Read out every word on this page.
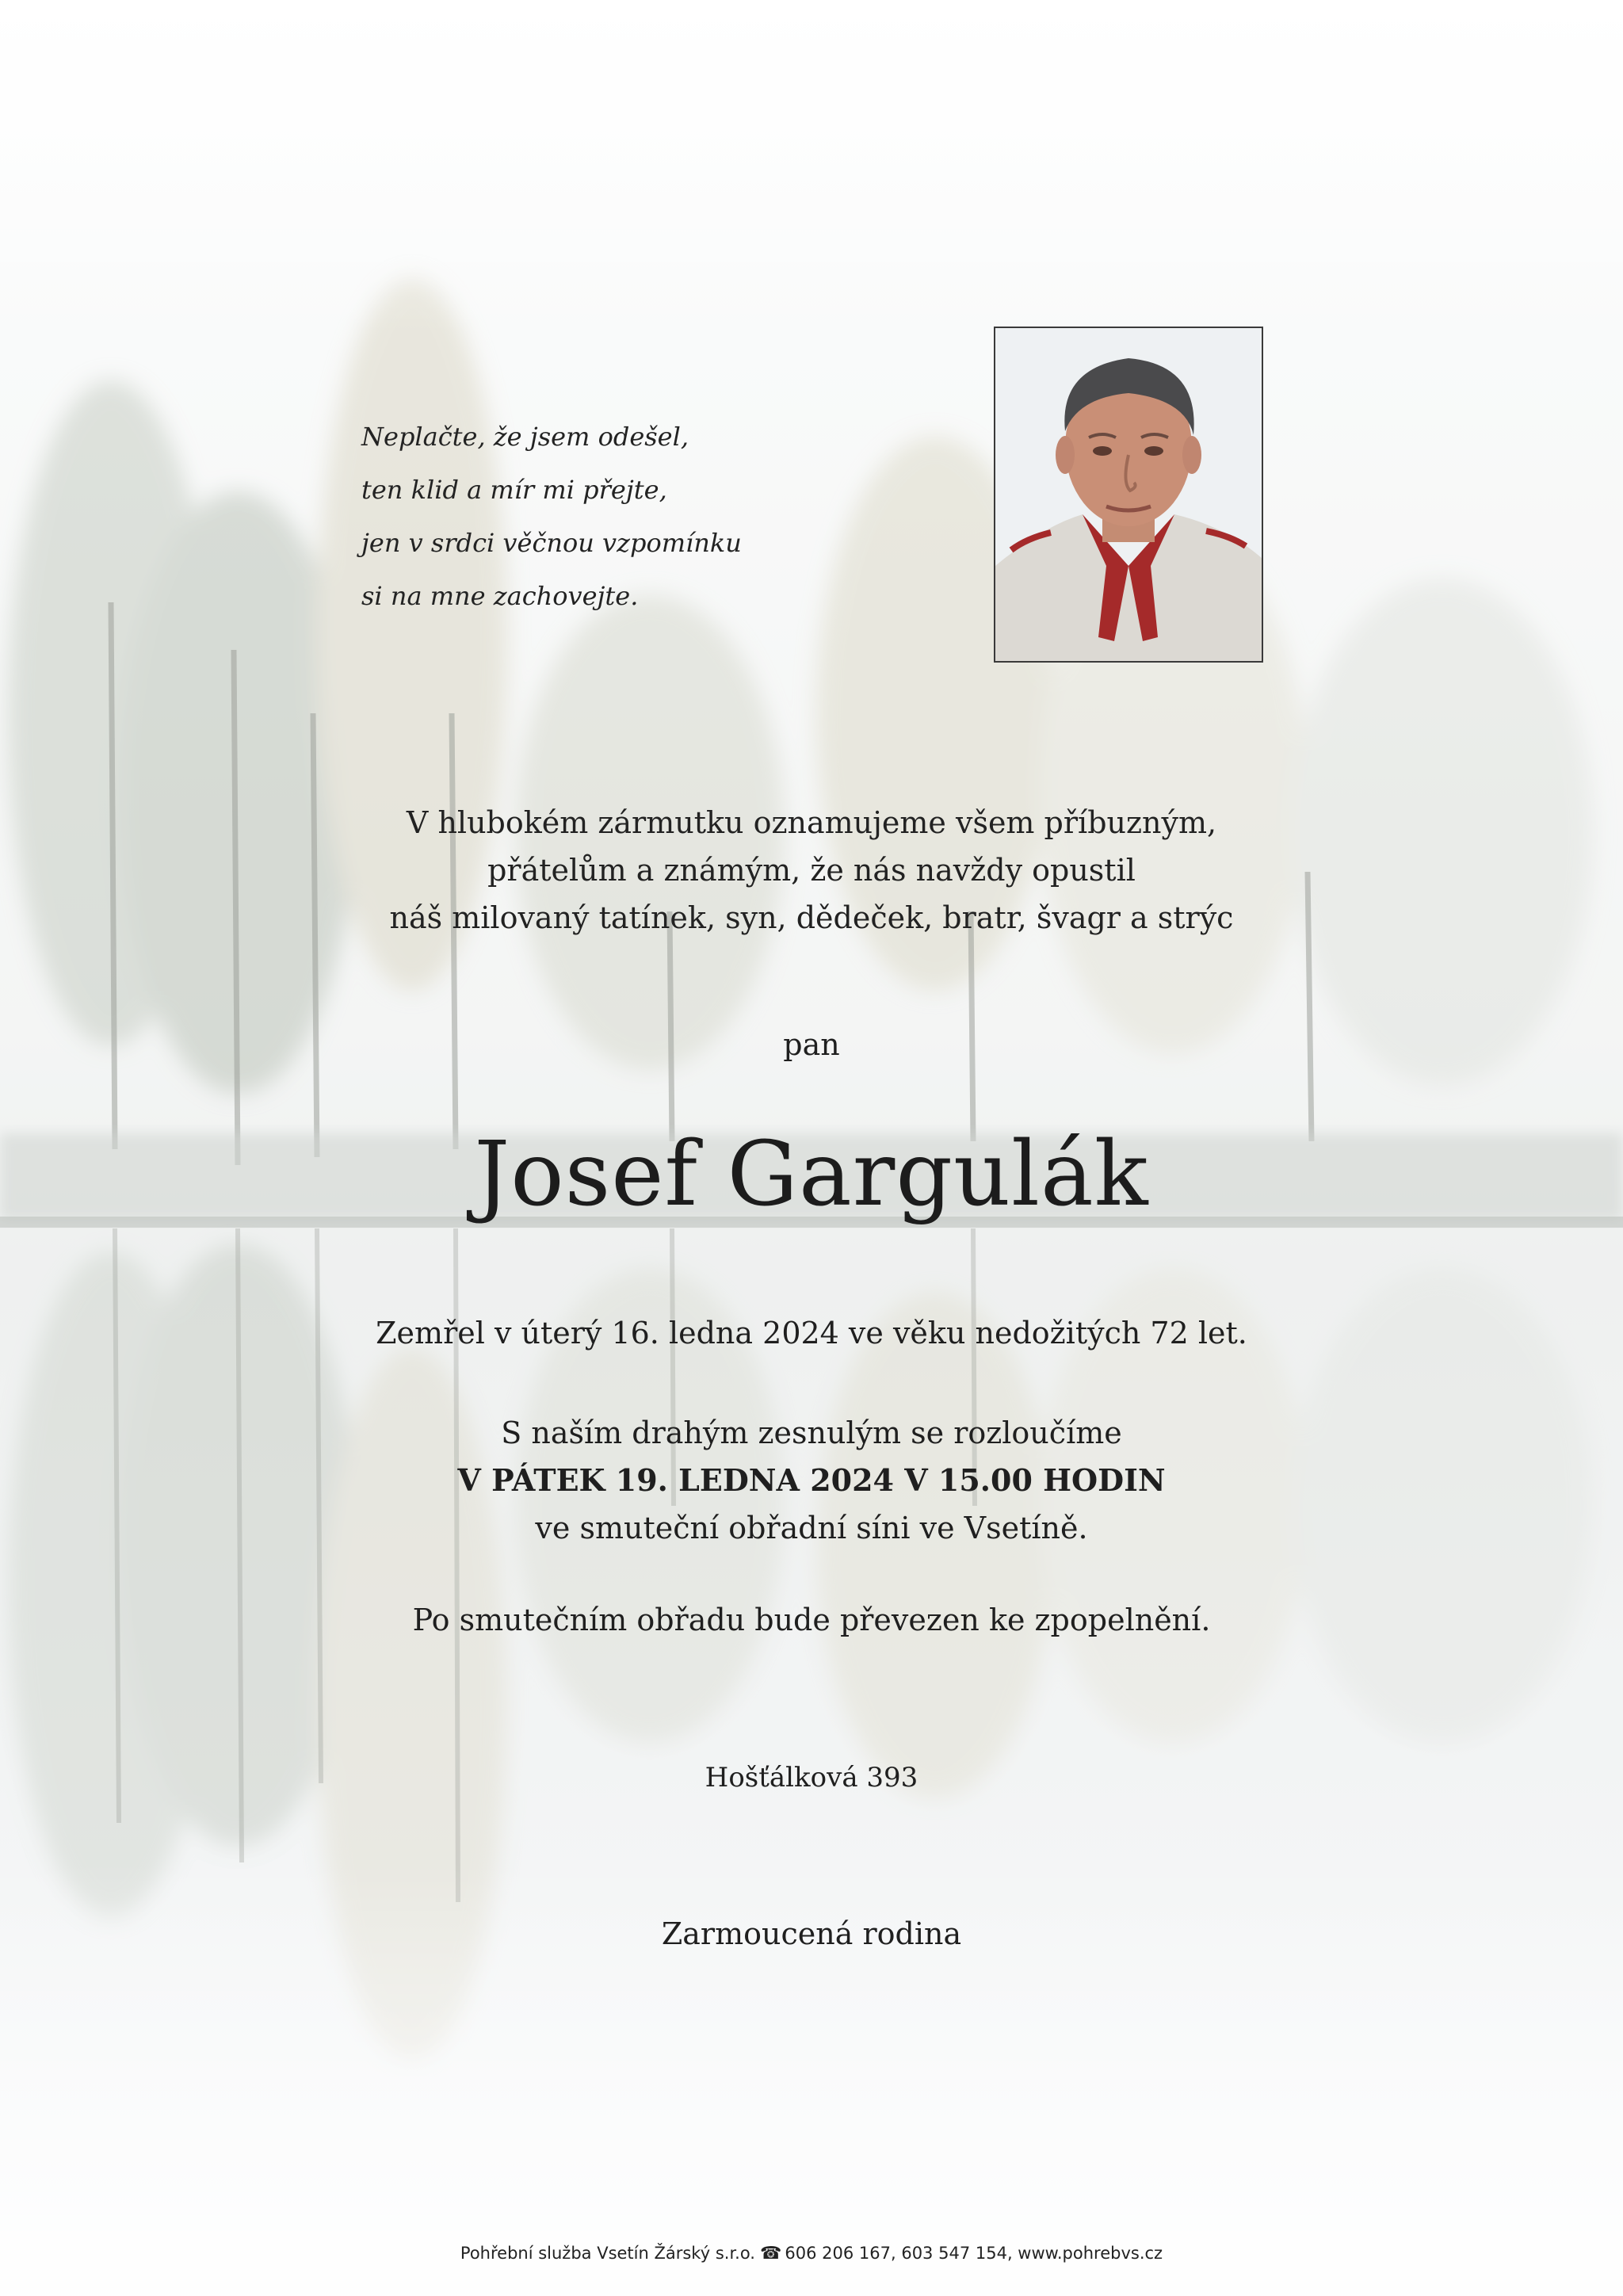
Neplačte, že jsem odešel,
ten klid a mír mi přejte,
jen v srdci věčnou vzpomínku
si na mne zachovejte.
V hlubokém zármutku oznamujeme všem příbuzným,
přátelům a známým, že nás navždy opustil
náš milovaný tatínek, syn, dědeček, bratr, švagr a strýc
pan
Josef Gargulák
Zemřel v úterý 16. ledna 2024 ve věku nedožitých 72 let.
S naším drahým zesnulým se rozloučíme
V PÁTEK 19. LEDNA 2024 V 15.00 HODIN
ve smuteční obřadní síni ve Vsetíně.
Po smutečním obřadu bude převezen ke zpopelnění.
Hošťálková 393
Zarmoucená rodina
Pohřební služba Vsetín Žárský s.r.o. ☎ 606 206 167, 603 547 154, www.pohrebvs.cz
